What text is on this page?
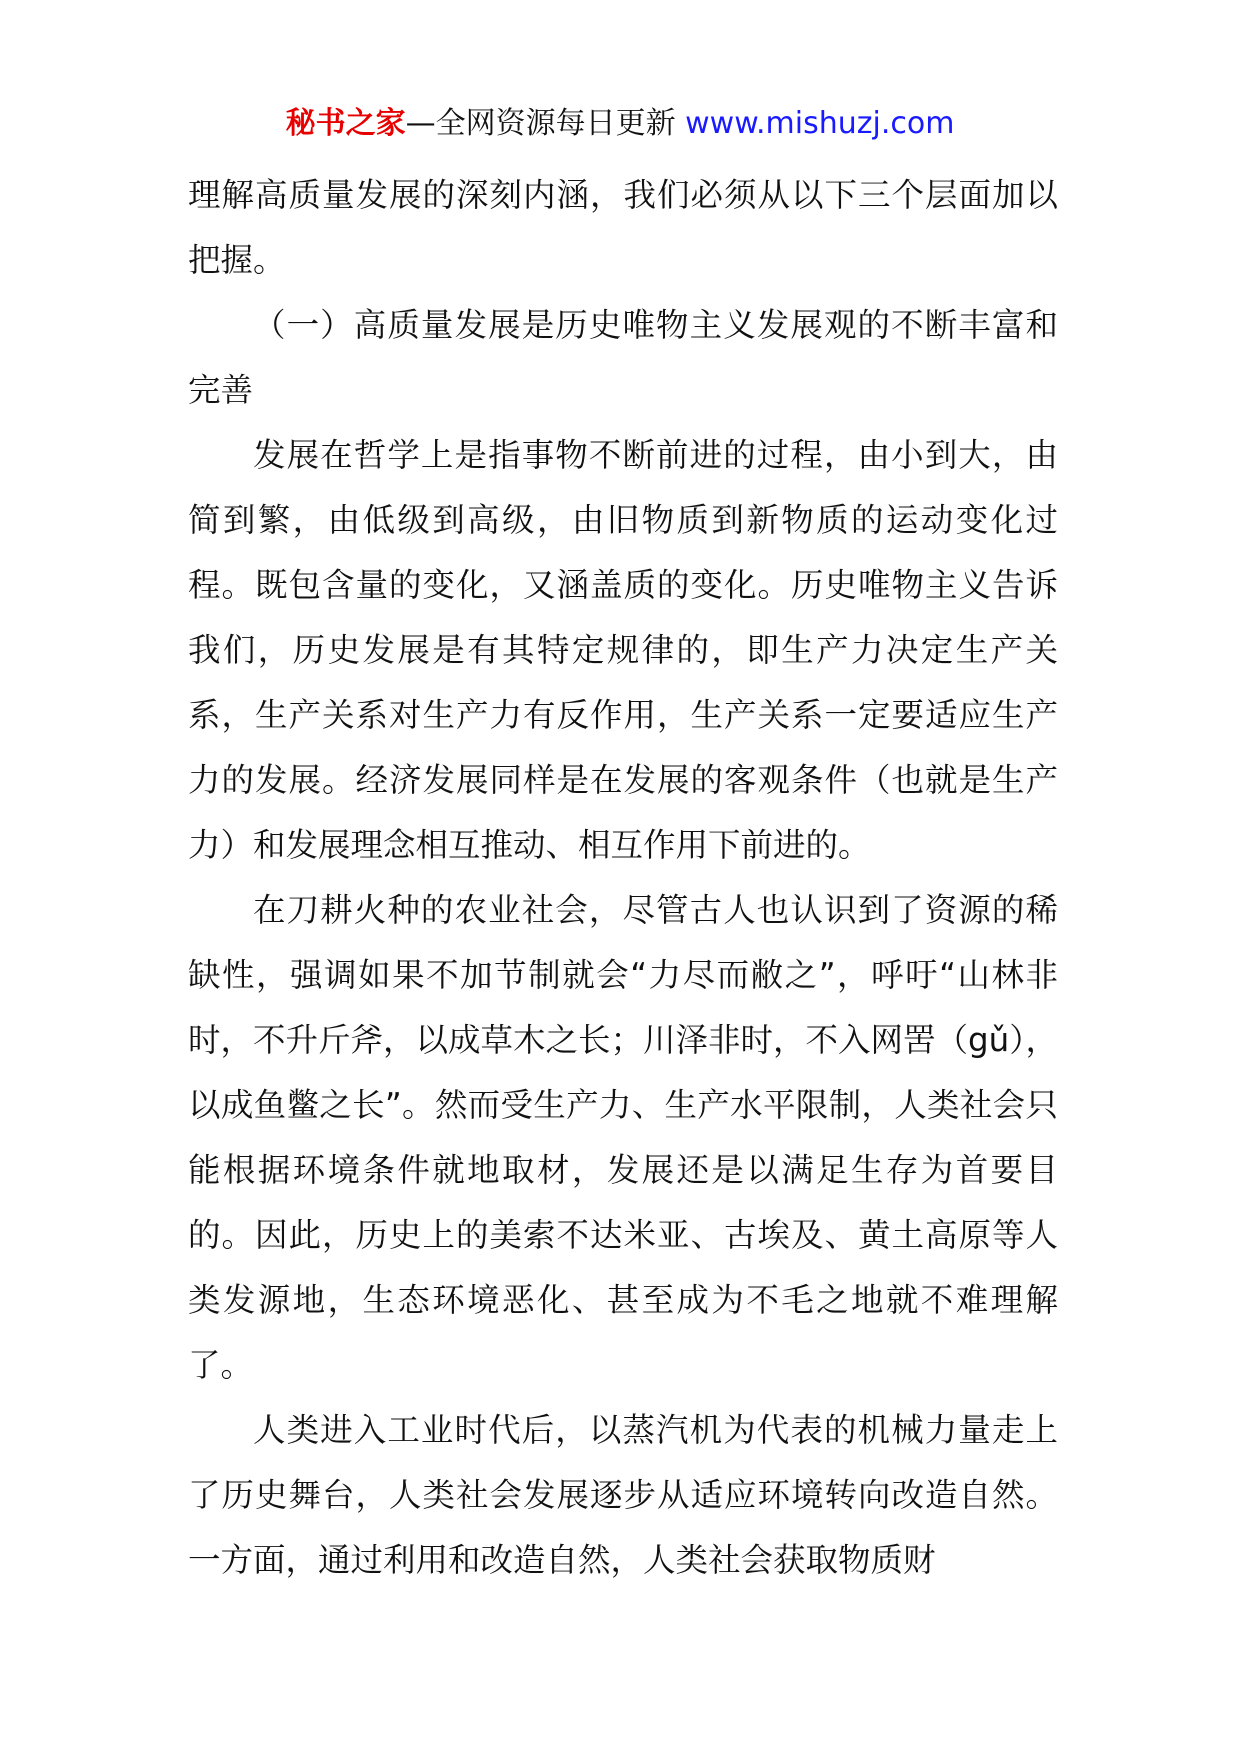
秘书之家—全网资源每日更新 www.mishuzj.com

理解高质量发展的深刻内涵，我们必须从以下三个层面加以把握。

（一）高质量发展是历史唯物主义发展观的不断丰富和完善

发展在哲学上是指事物不断前进的过程，由小到大，由简到繁，由低级到高级，由旧物质到新物质的运动变化过程。既包含量的变化，又涵盖质的变化。历史唯物主义告诉我们，历史发展是有其特定规律的，即生产力决定生产关系，生产关系对生产力有反作用，生产关系一定要适应生产力的发展。经济发展同样是在发展的客观条件（也就是生产力）和发展理念相互推动、相互作用下前进的。

在刀耕火种的农业社会，尽管古人也认识到了资源的稀缺性，强调如果不加节制就会“力尽而敝之”，呼吁“山林非时，不升斤斧，以成草木之长；川泽非时，不入网罟（gǔ），以成鱼鳖之长”。然而受生产力、生产水平限制，人类社会只能根据环境条件就地取材，发展还是以满足生存为首要目的。因此，历史上的美索不达米亚、古埃及、黄土高原等人类发源地，生态环境恶化、甚至成为不毛之地就不难理解了。

人类进入工业时代后，以蒸汽机为代表的机械力量走上了历史舞台，人类社会发展逐步从适应环境转向改造自然。一方面，通过利用和改造自然，人类社会获取物质财
